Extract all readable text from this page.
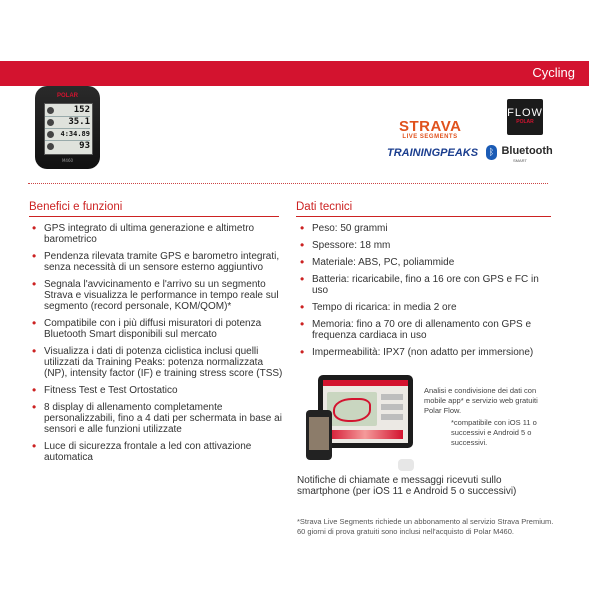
Cycling
POLAR
152
35.1
4:34.89
93
M460
STRAVA
LIVE SEGMENTS
TRAININGPEAKS
FLOW
POLAR
ᛒ $^{Bluetooth}$
SMART
Benefici e funzioni
• GPS integrato di ultima generazione e altimetro barometrico
• Pendenza rilevata tramite GPS e barometro integrati, senza necessità di un sensore esterno aggiuntivo
• Segnala l'avvicinamento e l'arrivo su un segmento Strava e visualizza le performance in tempo reale sul segmento (record personale, KOM/QOM)*
• Compatibile con i più diffusi misuratori di potenza Bluetooth Smart disponibili sul mercato
• Visualizza i dati di potenza ciclistica inclusi quelli utilizzati da Training Peaks: potenza normalizzata (NP), intensity factor (IF) e training stress score (TSS)
• Fitness Test e Test Ortostatico
• 8 display di allenamento completamente personalizzabili, fino a 4 dati per schermata in base ai sensori e alle funzioni utilizzate
• Luce di sicurezza frontale a led con attivazione automatica
Dati tecnici
• Peso: 50 grammi
• Spessore: 18 mm
• Materiale: ABS, PC, poliammide
• Batteria: ricaricabile, fino a 16 ore con GPS e FC in uso
• Tempo di ricarica: in media 2 ore
• Memoria: fino a 70 ore di allenamento con GPS e frequenza cardiaca in uso
• Impermeabilità: IPX7 (non adatto per immersione)
Analisi e condivisione dei dati con mobile app* e servizio web gratuiti Polar Flow.
*compatibile con iOS 11 o successivi e Android 5 o successivi.
Notifiche di chiamate e messaggi ricevuti sullo smartphone (per iOS 11 e Android 5 o successivi)
*Strava Live Segments richiede un abbonamento al servizio Strava Premium. 60 giorni di prova gratuiti sono inclusi nell'acquisto di Polar M460.
